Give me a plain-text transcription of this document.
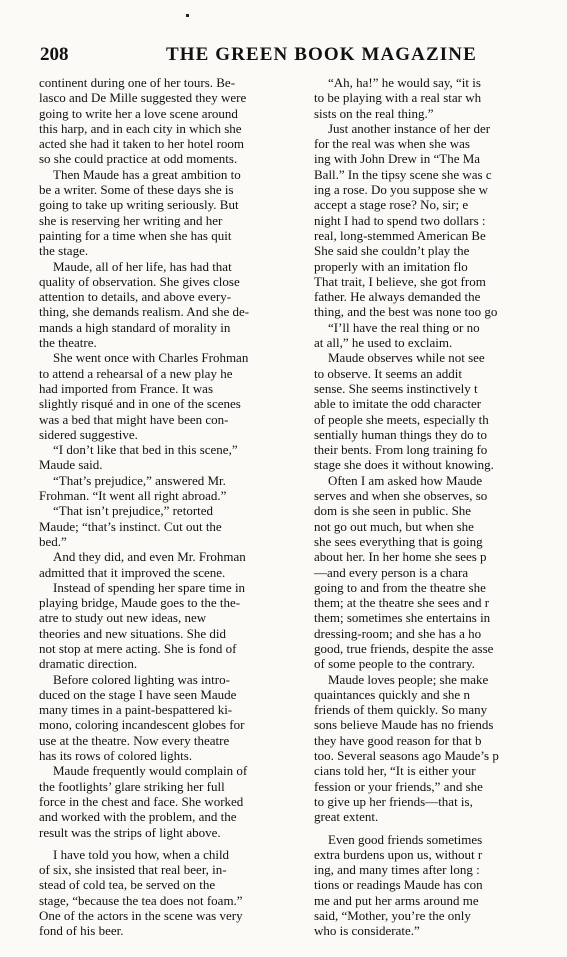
208	THE GREEN BOOK MAGAZINE
continent during one of her tours. Be-
lasco and De Mille suggested they were
going to write her a love scene around
this harp, and in each city in which she
acted she had it taken to her hotel room
so she could practice at odd moments.
Then Maude has a great ambition to
be a writer. Some of these days she is
going to take up writing seriously. But
she is reserving her writing and her
painting for a time when she has quit
the stage.
Maude, all of her life, has had that
quality of observation. She gives close
attention to details, and above every-
thing, she demands realism. And she de-
mands a high standard of morality in
the theatre.
She went once with Charles Frohman
to attend a rehearsal of a new play he
had imported from France. It was
slightly risqué and in one of the scenes
was a bed that might have been con-
sidered suggestive.
“I don’t like that bed in this scene,”
Maude said.
“That’s prejudice,” answered Mr.
Frohman. “It went all right abroad.”
“That isn’t prejudice,” retorted
Maude; “that’s instinct. Cut out the
bed.”
And they did, and even Mr. Frohman
admitted that it improved the scene.
Instead of spending her spare time in
playing bridge, Maude goes to the the-
atre to study out new ideas, new
theories and new situations. She did
not stop at mere acting. She is fond of
dramatic direction.
Before colored lighting was intro-
duced on the stage I have seen Maude
many times in a paint-bespattered ki-
mono, coloring incandescent globes for
use at the theatre. Now every theatre
has its rows of colored lights.
Maude frequently would complain of
the footlights’ glare striking her full
force in the chest and face. She worked
and worked with the problem, and the
result was the strips of light above.
I have told you how, when a child
of six, she insisted that real beer, in-
stead of cold tea, be served on the
stage, “because the tea does not foam.”
One of the actors in the scene was very
fond of his beer.
“Ah, ha!” he would say, “it is
to be playing with a real star wh
sists on the real thing.”
Just another instance of her der
for the real was when she was
ing with John Drew in “The Ma
Ball.” In the tipsy scene she was c
ing a rose. Do you suppose she w
accept a stage rose? No, sir; e
night I had to spend two dollars :
real, long-stemmed American Be
She said she couldn’t play the
properly with an imitation flo
That trait, I believe, she got from
father. He always demanded the
thing, and the best was none too go
“I’ll have the real thing or no
at all,” he used to exclaim.
Maude observes while not see
to observe. It seems an addit
sense. She seems instinctively t
able to imitate the odd character
of people she meets, especially th
sentially human things they do to
their bents. From long training fo
stage she does it without knowing.
Often I am asked how Maude
serves and when she observes, so
dom is she seen in public. She
not go out much, but when she
she sees everything that is going
about her. In her home she sees p
—and every person is a chara
going to and from the theatre she
them; at the theatre she sees and r
them; sometimes she entertains in
dressing-room; and she has a ho
good, true friends, despite the asse
of some people to the contrary.
Maude loves people; she make
quaintances quickly and she n
friends of them quickly. So many
sons believe Maude has no friends
they have good reason for that b
too. Several seasons ago Maude’s p
cians told her, “It is either your
fession or your friends,” and she
to give up her friends—that is,
great extent.
Even good friends sometimes
extra burdens upon us, without r
ing, and many times after long :
tions or readings Maude has con
me and put her arms around me
said, “Mother, you’re the only
who is considerate.”
